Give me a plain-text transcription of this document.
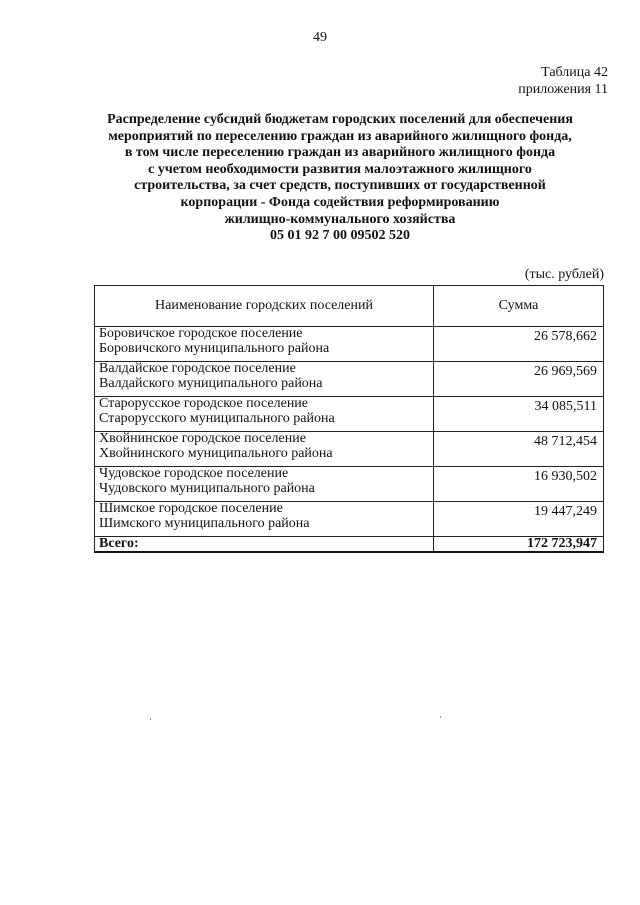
49
Таблица 42
приложения 11
Распределение субсидий бюджетам городских поселений для обеспечения
мероприятий по переселению граждан из аварийного жилищного фонда,
в том числе переселению граждан из аварийного жилищного фонда
с учетом необходимости развития малоэтажного жилищного
строительства, за счет средств, поступивших от государственной
корпорации - Фонда содействия реформированию
жилищно-коммунального хозяйства
05 01 92 7 00 09502 520
(тыс. рублей)
Наименование городских поселений	Сумма

Боровичское городское поселение
Боровичского муниципального района	26 578,662

Валдайское городское поселение
Валдайского муниципального района	26 969,569

Старорусское городское поселение
Старорусского муниципального района	34 085,511

Хвойнинское городское поселение
Хвойнинского муниципального района	48 712,454

Чудовское городское поселение
Чудовского муниципального района	16 930,502

Шимское городское поселение
Шимского муниципального района	19 447,249
Всего:	172 723,947
